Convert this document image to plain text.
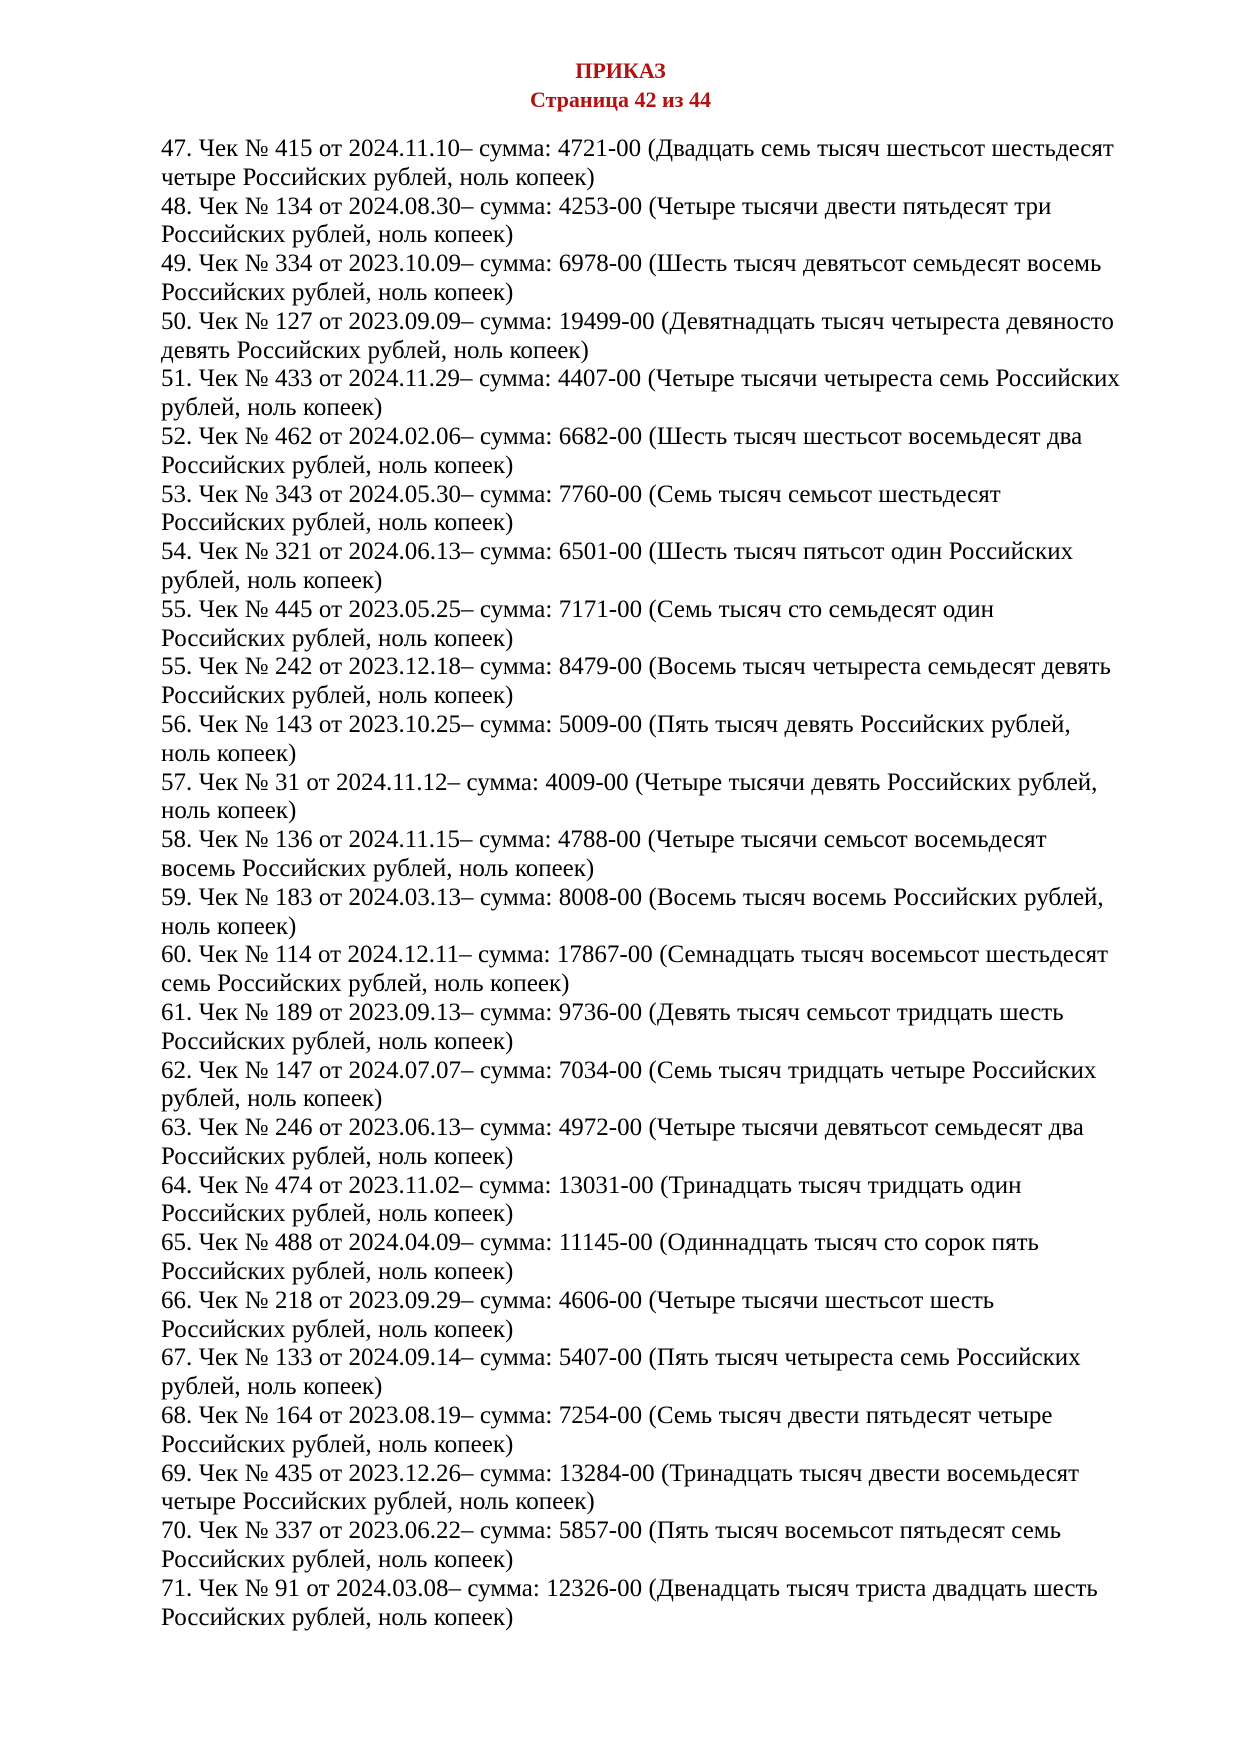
ПРИКАЗ
Страница 42 из 44

47. Чек № 415 от 2024.11.10– сумма: 4721-00 (Двадцать семь тысяч шестьсот шестьдесят четыре Российских рублей, ноль копеек)

48. Чек № 134 от 2024.08.30– сумма: 4253-00 (Четыре тысячи двести пятьдесят три Российских рублей, ноль копеек)

49. Чек № 334 от 2023.10.09– сумма: 6978-00 (Шесть тысяч девятьсот семьдесят восемь Российских рублей, ноль копеек)

50. Чек № 127 от 2023.09.09– сумма: 19499-00 (Девятнадцать тысяч четыреста девяносто девять Российских рублей, ноль копеек)

51. Чек № 433 от 2024.11.29– сумма: 4407-00 (Четыре тысячи четыреста семь Российских рублей, ноль копеек)

52. Чек № 462 от 2024.02.06– сумма: 6682-00 (Шесть тысяч шестьсот восемьдесят два Российских рублей, ноль копеек)

53. Чек № 343 от 2024.05.30– сумма: 7760-00 (Семь тысяч семьсот шестьдесят Российских рублей, ноль копеек)

54. Чек № 321 от 2024.06.13– сумма: 6501-00 (Шесть тысяч пятьсот один Российских рублей, ноль копеек)

55. Чек № 445 от 2023.05.25– сумма: 7171-00 (Семь тысяч сто семьдесят один Российских рублей, ноль копеек)

55. Чек № 242 от 2023.12.18– сумма: 8479-00 (Восемь тысяч четыреста семьдесят девять Российских рублей, ноль копеек)

56. Чек № 143 от 2023.10.25– сумма: 5009-00 (Пять тысяч девять Российских рублей, ноль копеек)

57. Чек № 31 от 2024.11.12– сумма: 4009-00 (Четыре тысячи девять Российских рублей, ноль копеек)

58. Чек № 136 от 2024.11.15– сумма: 4788-00 (Четыре тысячи семьсот восемьдесят восемь Российских рублей, ноль копеек)

59. Чек № 183 от 2024.03.13– сумма: 8008-00 (Восемь тысяч восемь Российских рублей, ноль копеек)

60. Чек № 114 от 2024.12.11– сумма: 17867-00 (Семнадцать тысяч восемьсот шестьдесят семь Российских рублей, ноль копеек)

61. Чек № 189 от 2023.09.13– сумма: 9736-00 (Девять тысяч семьсот тридцать шесть Российских рублей, ноль копеек)

62. Чек № 147 от 2024.07.07– сумма: 7034-00 (Семь тысяч тридцать четыре Российских рублей, ноль копеек)

63. Чек № 246 от 2023.06.13– сумма: 4972-00 (Четыре тысячи девятьсот семьдесят два Российских рублей, ноль копеек)

64. Чек № 474 от 2023.11.02– сумма: 13031-00 (Тринадцать тысяч тридцать один Российских рублей, ноль копеек)

65. Чек № 488 от 2024.04.09– сумма: 11145-00 (Одиннадцать тысяч сто сорок пять Российских рублей, ноль копеек)

66. Чек № 218 от 2023.09.29– сумма: 4606-00 (Четыре тысячи шестьсот шесть Российских рублей, ноль копеек)

67. Чек № 133 от 2024.09.14– сумма: 5407-00 (Пять тысяч четыреста семь Российских рублей, ноль копеек)

68. Чек № 164 от 2023.08.19– сумма: 7254-00 (Семь тысяч двести пятьдесят четыре Российских рублей, ноль копеек)

69. Чек № 435 от 2023.12.26– сумма: 13284-00 (Тринадцать тысяч двести восемьдесят четыре Российских рублей, ноль копеек)

70. Чек № 337 от 2023.06.22– сумма: 5857-00 (Пять тысяч восемьсот пятьдесят семь Российских рублей, ноль копеек)

71. Чек № 91 от 2024.03.08– сумма: 12326-00 (Двенадцать тысяч триста двадцать шесть Российских рублей, ноль копеек)
